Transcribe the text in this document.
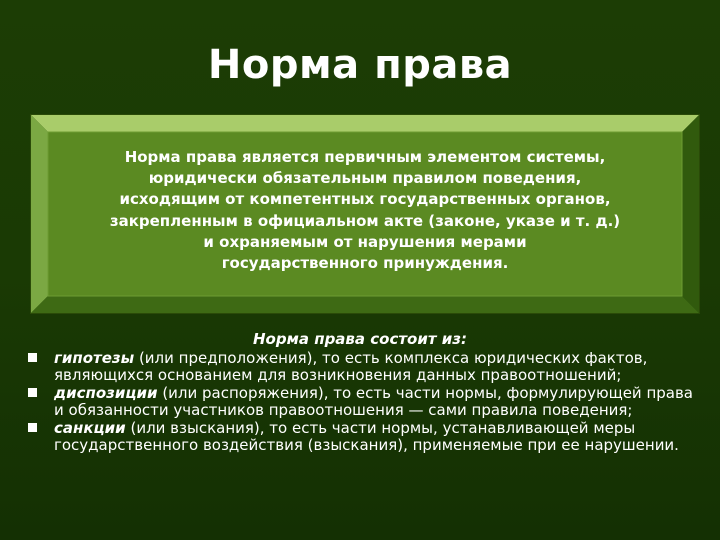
Норма права
Норма права является первичным элементом системы,
юридически обязательным правилом поведения,
исходящим от компетентных государственных органов,
закрепленным в официальном акте (законе, указе и т. д.)
и охраняемым от нарушения мерами
государственного принуждения.
Норма права состоит из:
гипотезы (или предположения), то есть комплекса юридических фактов, являющихся основанием для возникновения данных правоотношений;
диспозиции (или распоряжения), то есть части нормы, формулирующей права и обязанности участников правоотношения — сами правила поведения;
санкции (или взыскания), то есть части нормы, устанавливающей меры государственного воздействия (взыскания), применяемые при ее нарушении.
